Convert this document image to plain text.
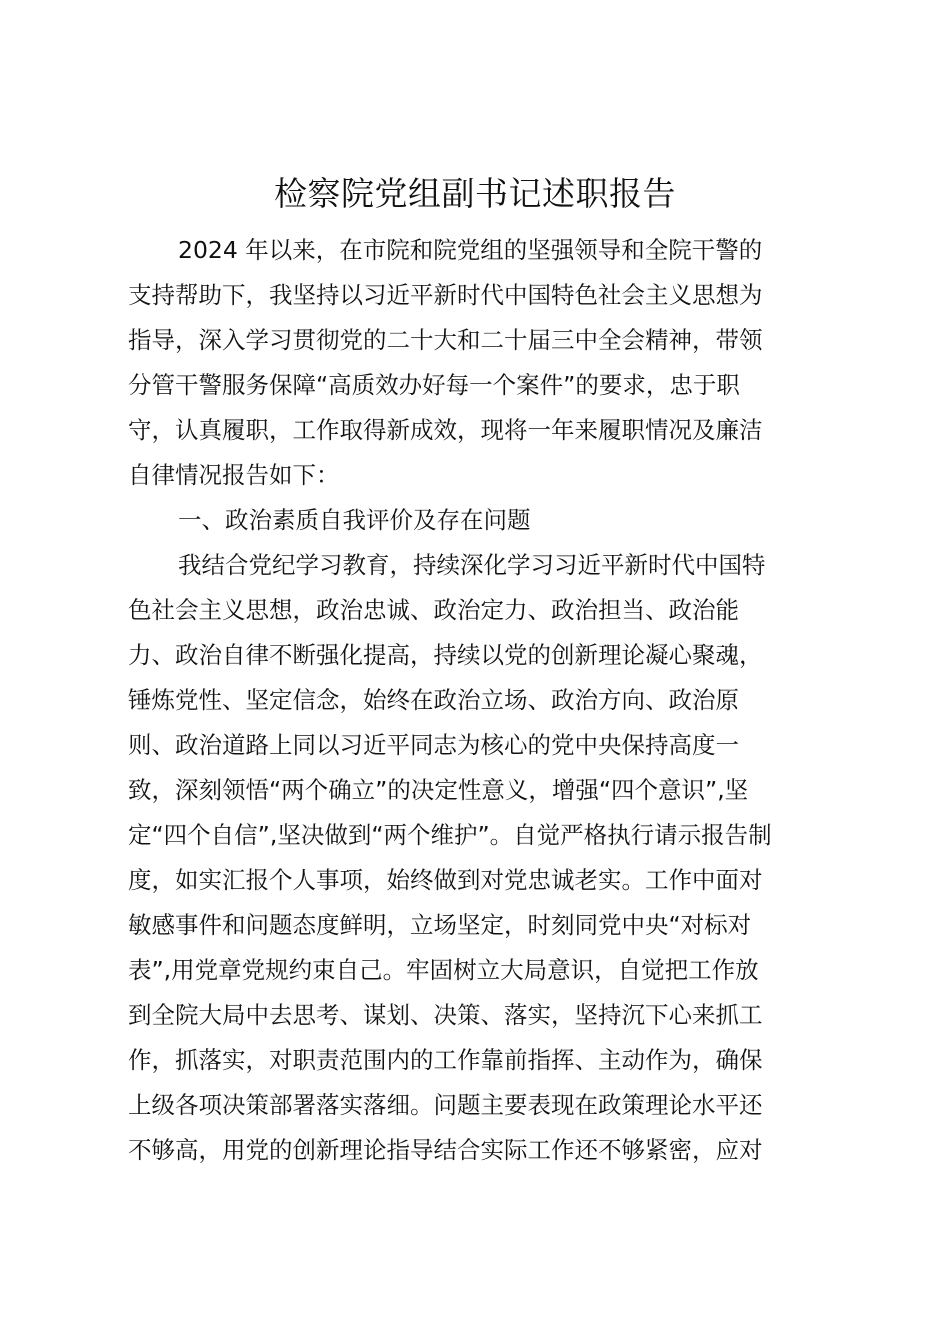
检察院党组副书记述职报告
2024 年以来，在市院和院党组的坚强领导和全院干警的
支持帮助下，我坚持以习近平新时代中国特色社会主义思想为
指导，深入学习贯彻党的二十大和二十届三中全会精神，带领
分管干警服务保障“高质效办好每一个案件”的要求，忠于职
守，认真履职，工作取得新成效，现将一年来履职情况及廉洁
自律情况报告如下：
一、政治素质自我评价及存在问题
我结合党纪学习教育，持续深化学习习近平新时代中国特
色社会主义思想，政治忠诚、政治定力、政治担当、政治能
力、政治自律不断强化提高，持续以党的创新理论凝心聚魂，
锤炼党性、坚定信念，始终在政治立场、政治方向、政治原
则、政治道路上同以习近平同志为核心的党中央保持高度一
致，深刻领悟“两个确立”的决定性意义，增强“四个意识”,坚
定“四个自信”,坚决做到“两个维护”。自觉严格执行请示报告制
度，如实汇报个人事项，始终做到对党忠诚老实。工作中面对
敏感事件和问题态度鲜明，立场坚定，时刻同党中央“对标对
表”,用党章党规约束自己。牢固树立大局意识，自觉把工作放
到全院大局中去思考、谋划、决策、落实，坚持沉下心来抓工
作，抓落实，对职责范围内的工作靠前指挥、主动作为，确保
上级各项决策部署落实落细。问题主要表现在政策理论水平还
不够高，用党的创新理论指导结合实际工作还不够紧密，应对
